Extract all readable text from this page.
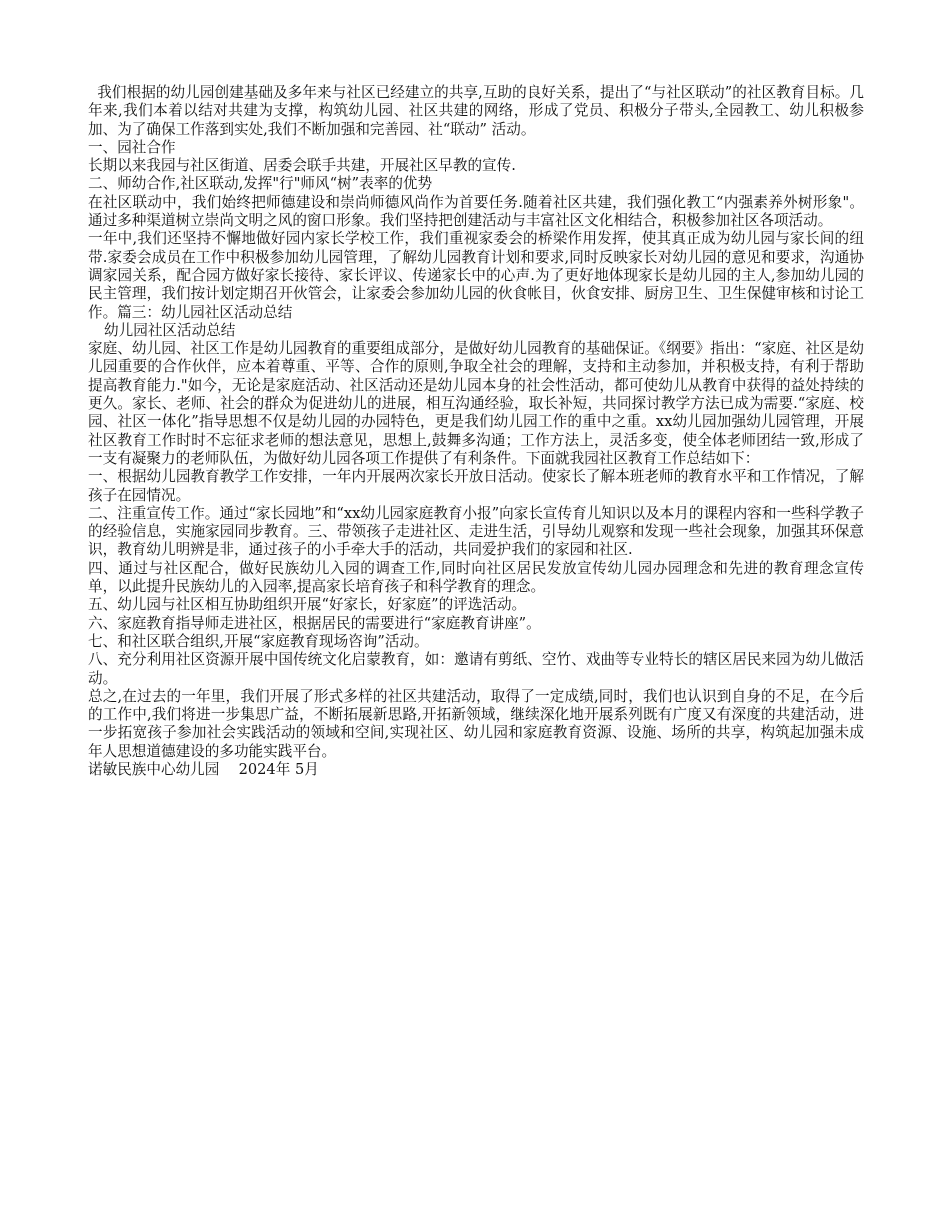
我们根据的幼儿园创建基础及多年来与社区已经建立的共享,互助的良好关系，提出了“与社区联动”的社区教育目标。几年来,我们本着以结对共建为支撑，构筑幼儿园、社区共建的网络，形成了党员、积极分子带头,全园教工、幼儿积极参加、为了确保工作落到实处,我们不断加强和完善园、社“联动” 活动。

一、园社合作

长期以来我园与社区街道、居委会联手共建，开展社区早教的宣传.

二、师幼合作,社区联动,发挥"行"师风“树”表率的优势

在社区联动中，我们始终把师德建设和崇尚师德风尚作为首要任务.随着社区共建，我们强化教工“内强素养外树形象"。通过多种渠道树立崇尚文明之风的窗口形象。我们坚持把创建活动与丰富社区文化相结合，积极参加社区各项活动。

一年中,我们还坚持不懈地做好园内家长学校工作，我们重视家委会的桥梁作用发挥，使其真正成为幼儿园与家长间的纽带.家委会成员在工作中积极参加幼儿园管理，了解幼儿园教育计划和要求,同时反映家长对幼儿园的意见和要求，沟通协调家园关系，配合园方做好家长接待、家长评议、传递家长中的心声.为了更好地体现家长是幼儿园的主人,参加幼儿园的民主管理，我们按计划定期召开伙管会，让家委会参加幼儿园的伙食帐目，伙食安排、厨房卫生、卫生保健审核和讨论工作。篇三：幼儿园社区活动总结

幼儿园社区活动总结

家庭、幼儿园、社区工作是幼儿园教育的重要组成部分，是做好幼儿园教育的基础保证。《纲要》指出：“家庭、社区是幼儿园重要的合作伙伴，应本着尊重、平等、合作的原则,争取全社会的理解，支持和主动参加，并积极支持，有利于帮助提高教育能力."如今，无论是家庭活动、社区活动还是幼儿园本身的社会性活动，都可使幼儿从教育中获得的益处持续的更久。家长、老师、社会的群众为促进幼儿的进展，相互沟通经验，取长补短，共同探讨教学方法已成为需要.“家庭、校园、社区一体化”指导思想不仅是幼儿园的办园特色，更是我们幼儿园工作的重中之重。xx幼儿园加强幼儿园管理，开展社区教育工作时时不忘征求老师的想法意见，思想上,鼓舞多沟通；工作方法上，灵活多变，使全体老师团结一致,形成了一支有凝聚力的老师队伍，为做好幼儿园各项工作提供了有利条件。下面就我园社区教育工作总结如下：

一、根据幼儿园教育教学工作安排，一年内开展两次家长开放日活动。使家长了解本班老师的教育水平和工作情况，了解孩子在园情况。

二、注重宣传工作。通过“家长园地”和“xx幼儿园家庭教育小报”向家长宣传育儿知识以及本月的课程内容和一些科学教子的经验信息，实施家园同步教育。三、带领孩子走进社区、走进生活，引导幼儿观察和发现一些社会现象，加强其环保意识，教育幼儿明辨是非，通过孩子的小手牵大手的活动，共同爱护我们的家园和社区.

四、通过与社区配合，做好民族幼儿入园的调查工作,同时向社区居民发放宣传幼儿园办园理念和先进的教育理念宣传单，以此提升民族幼儿的入园率,提高家长培育孩子和科学教育的理念。

五、幼儿园与社区相互协助组织开展“好家长，好家庭”的评选活动。

六、家庭教育指导师走进社区，根据居民的需要进行“家庭教育讲座”。

七、和社区联合组织,开展“家庭教育现场咨询”活动。

八、充分利用社区资源开展中国传统文化启蒙教育，如：邀请有剪纸、空竹、戏曲等专业特长的辖区居民来园为幼儿做活动。

总之,在过去的一年里，我们开展了形式多样的社区共建活动，取得了一定成绩,同时，我们也认识到自身的不足，在今后的工作中,我们将进一步集思广益，不断拓展新思路,开拓新领域，继续深化地开展系列既有广度又有深度的共建活动，进一步拓宽孩子参加社会实践活动的领域和空间,实现社区、幼儿园和家庭教育资源、设施、场所的共享，构筑起加强未成年人思想道德建设的多功能实践平台。

诺敏民族中心幼儿园　 2024年 5月
